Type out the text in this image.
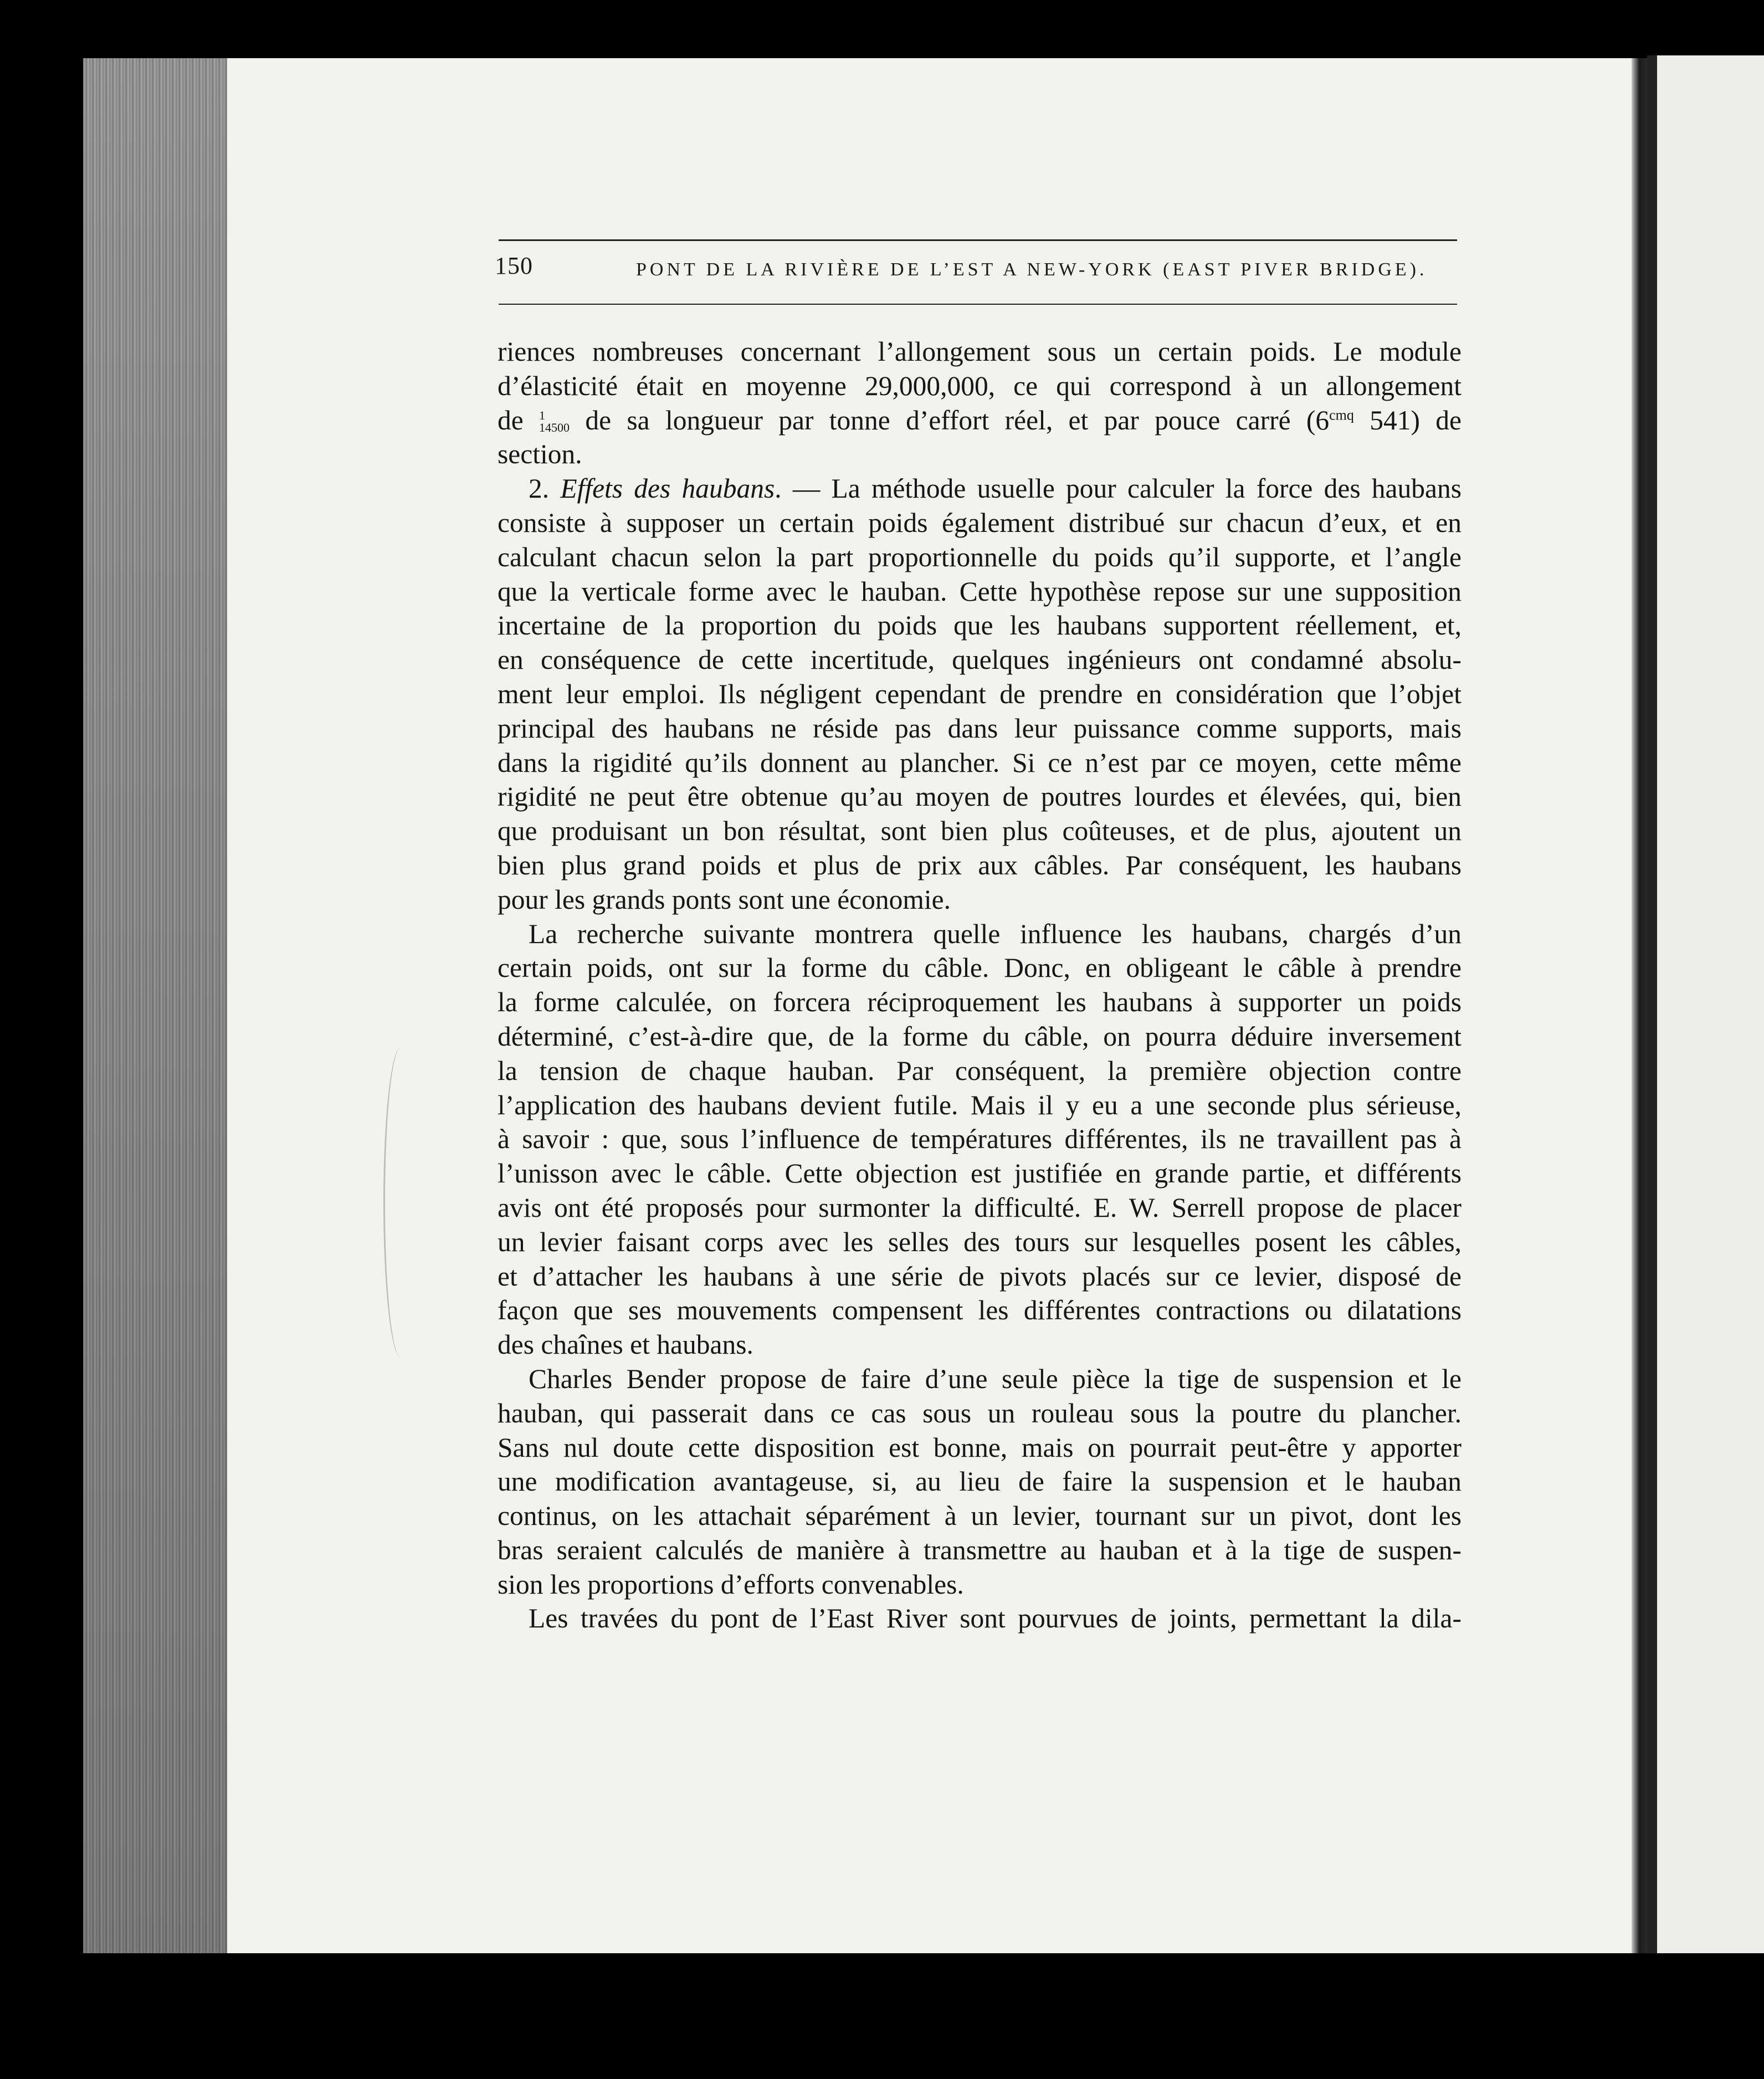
150	PONT DE LA RIVIÈRE DE L’EST A NEW-YORK (EAST PIVER BRIDGE).
riences nombreuses concernant l’allongement sous un certain poids. Le module
d’élasticité était en moyenne 29,000,000, ce qui correspond à un allongement
de 1
14500 de sa longueur par tonne d’effort réel, et par pouce carré ($6^{cmq}$ 541) de
section.
2. Effets des haubans. — La méthode usuelle pour calculer la force des haubans
consiste à supposer un certain poids également distribué sur chacun d’eux, et en
calculant chacun selon la part proportionnelle du poids qu’il supporte, et l’angle
que la verticale forme avec le hauban. Cette hypothèse repose sur une supposition
incertaine de la proportion du poids que les haubans supportent réellement, et,
en conséquence de cette incertitude, quelques ingénieurs ont condamné absolu-
ment leur emploi. Ils négligent cependant de prendre en considération que l’objet
principal des haubans ne réside pas dans leur puissance comme supports, mais
dans la rigidité qu’ils donnent au plancher. Si ce n’est par ce moyen, cette même
rigidité ne peut être obtenue qu’au moyen de poutres lourdes et élevées, qui, bien
que produisant un bon résultat, sont bien plus coûteuses, et de plus, ajoutent un
bien plus grand poids et plus de prix aux câbles. Par conséquent, les haubans
pour les grands ponts sont une économie.
La recherche suivante montrera quelle influence les haubans, chargés d’un
certain poids, ont sur la forme du câble. Donc, en obligeant le câble à prendre
la forme calculée, on forcera réciproquement les haubans à supporter un poids
déterminé, c’est-à-dire que, de la forme du câble, on pourra déduire inversement
la tension de chaque hauban. Par conséquent, la première objection contre
l’application des haubans devient futile. Mais il y eu a une seconde plus sérieuse,
à savoir : que, sous l’influence de températures différentes, ils ne travaillent pas à
l’unisson avec le câble. Cette objection est justifiée en grande partie, et différents
avis ont été proposés pour surmonter la difficulté. E. W. Serrell propose de placer
un levier faisant corps avec les selles des tours sur lesquelles posent les câbles,
et d’attacher les haubans à une série de pivots placés sur ce levier, disposé de
façon que ses mouvements compensent les différentes contractions ou dilatations
des chaînes et haubans.
Charles Bender propose de faire d’une seule pièce la tige de suspension et le
hauban, qui passerait dans ce cas sous un rouleau sous la poutre du plancher.
Sans nul doute cette disposition est bonne, mais on pourrait peut-être y apporter
une modification avantageuse, si, au lieu de faire la suspension et le hauban
continus, on les attachait séparément à un levier, tournant sur un pivot, dont les
bras seraient calculés de manière à transmettre au hauban et à la tige de suspen-
sion les proportions d’efforts convenables.
Les travées du pont de l’East River sont pourvues de joints, permettant la dila-
